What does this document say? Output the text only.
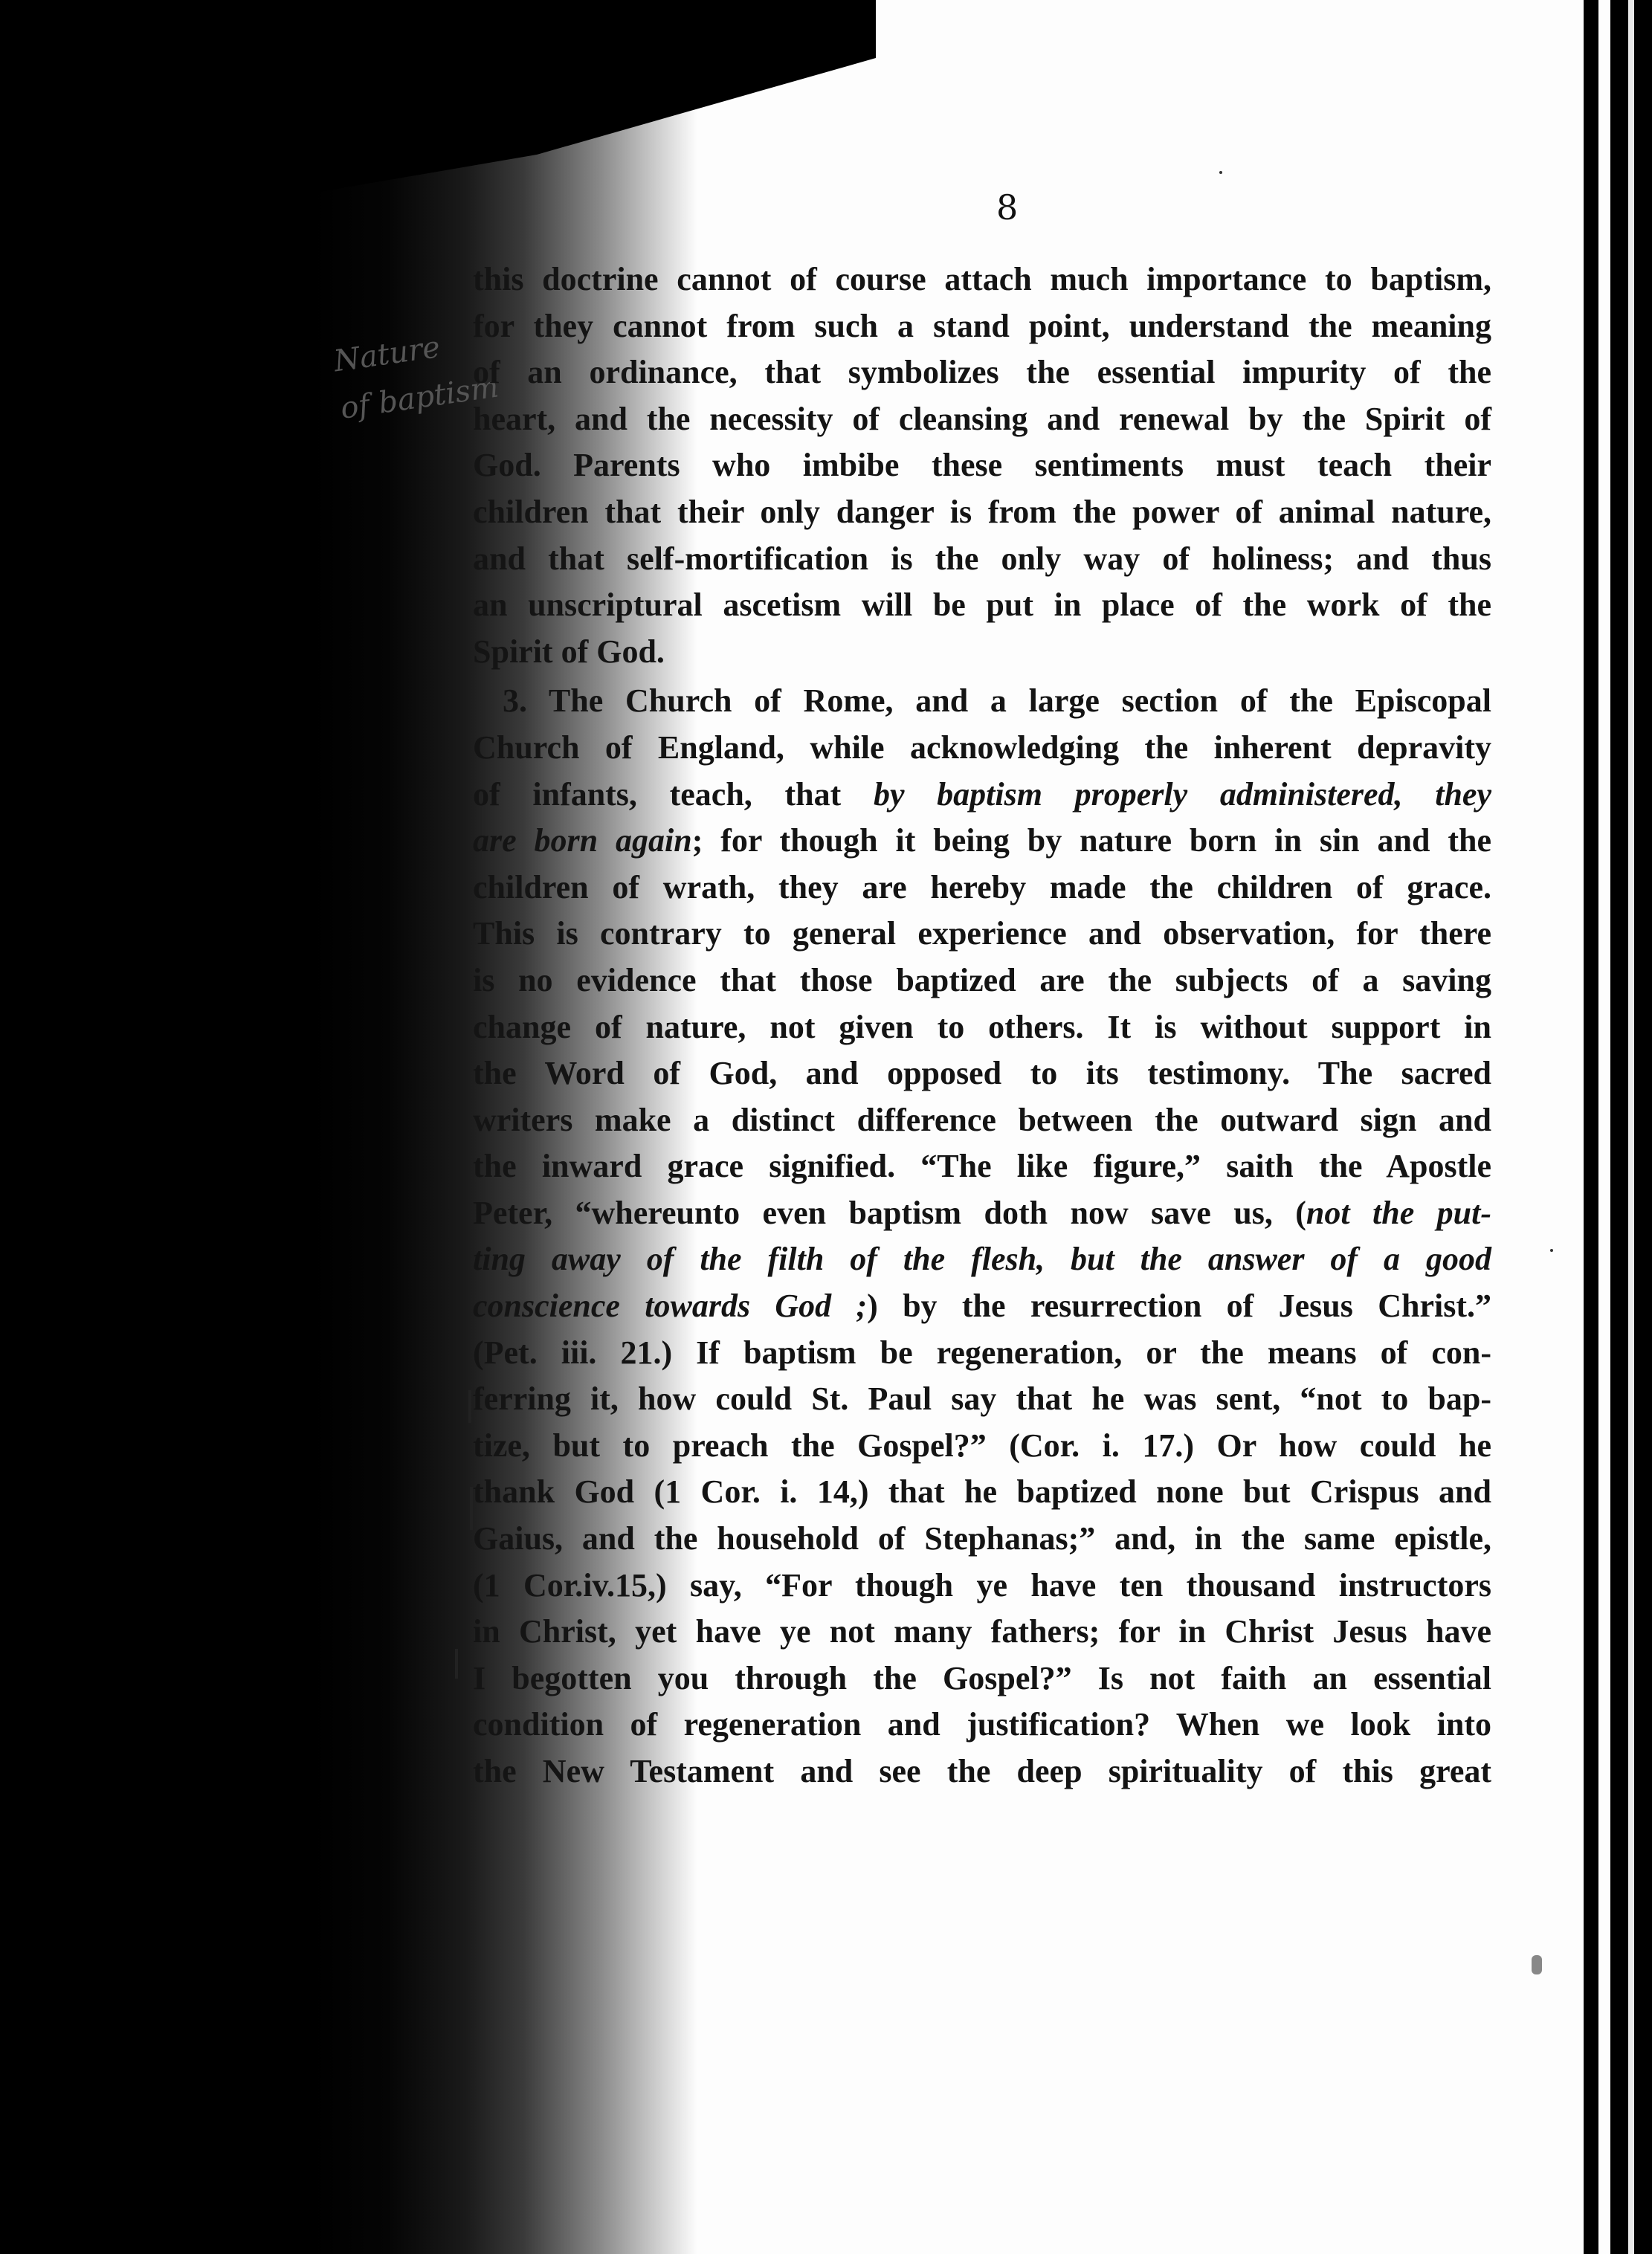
8
Nature
of baptism
this doctrine cannot of course attach much importance to baptism,
for they cannot from such a stand point, understand the meaning
of an ordinance, that symbolizes the essential impurity of the
heart, and the necessity of cleansing and renewal by the Spirit of
God. Parents who imbibe these sentiments must teach their
children that their only danger is from the power of animal nature,
and that self-mortification is the only way of holiness; and thus
an unscriptural ascetism will be put in place of the work of the
Spirit of God.
3. The Church of Rome, and a large section of the Episcopal
Church of England, while acknowledging the inherent depravity
of infants, teach, that by baptism properly administered, they
are born again; for though it being by nature born in sin and the
children of wrath, they are hereby made the children of grace.
This is contrary to general experience and observation, for there
is no evidence that those baptized are the subjects of a saving
change of nature, not given to others. It is without support in
the Word of God, and opposed to its testimony. The sacred
writers make a distinct difference between the outward sign and
the inward grace signified. “The like figure,” saith the Apostle
Peter, “whereunto even baptism doth now save us, (not the put-
ting away of the filth of the flesh, but the answer of a good
conscience towards God ;) by the resurrection of Jesus Christ.”
(Pet. iii. 21.) If baptism be regeneration, or the means of con-
ferring it, how could St. Paul say that he was sent, “not to bap-
tize, but to preach the Gospel?” (Cor. i. 17.) Or how could he
thank God (1 Cor. i. 14,) that he baptized none but Crispus and
Gaius, and the household of Stephanas;” and, in the same epistle,
(1 Cor.iv.15,) say, “For though ye have ten thousand instructors
in Christ, yet have ye not many fathers; for in Christ Jesus have
I begotten you through the Gospel?” Is not faith an essential
condition of regeneration and justification? When we look into
the New Testament and see the deep spirituality of this great
